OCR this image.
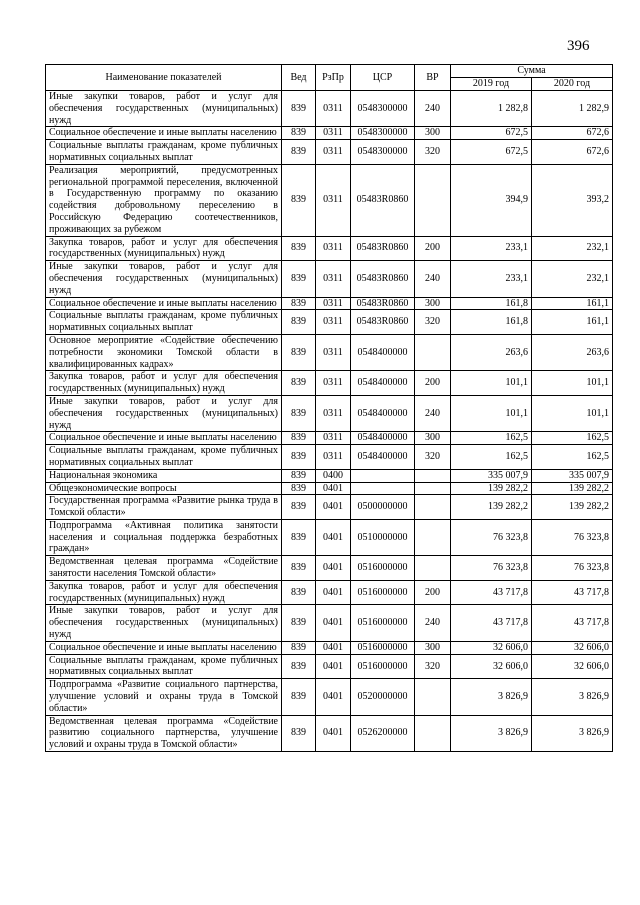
396
Наименование показателей	Вед	РзПр	ЦСР	ВР	Сумма	
					2019 год	2020 год
Иные закупки товаров, работ и услуг для обеспечения государственных (муниципальных) нужд	839	0311	0548300000	240	1 282,8	1 282,9
Социальное обеспечение и иные выплаты населению	839	0311	0548300000	300	672,5	672,6
Социальные выплаты гражданам, кроме публичных нормативных социальных выплат	839	0311	0548300000	320	672,5	672,6
Реализация мероприятий, предусмотренных региональной программой переселения, включенной в Государственную программу по оказанию содействия добровольному переселению в Российскую Федерацию соотечественников, проживающих за рубежом	839	0311	05483R0860		394,9	393,2
Закупка товаров, работ и услуг для обеспечения государственных (муниципальных) нужд	839	0311	05483R0860	200	233,1	232,1
Иные закупки товаров, работ и услуг для обеспечения государственных (муниципальных) нужд	839	0311	05483R0860	240	233,1	232,1
Социальное обеспечение и иные выплаты населению	839	0311	05483R0860	300	161,8	161,1
Социальные выплаты гражданам, кроме публичных нормативных социальных выплат	839	0311	05483R0860	320	161,8	161,1
Основное мероприятие «Содействие обеспечению потребности экономики Томской области в квалифицированных кадрах»	839	0311	0548400000		263,6	263,6
Закупка товаров, работ и услуг для обеспечения государственных (муниципальных) нужд	839	0311	0548400000	200	101,1	101,1
Иные закупки товаров, работ и услуг для обеспечения государственных (муниципальных) нужд	839	0311	0548400000	240	101,1	101,1
Социальное обеспечение и иные выплаты населению	839	0311	0548400000	300	162,5	162,5
Социальные выплаты гражданам, кроме публичных нормативных социальных выплат	839	0311	0548400000	320	162,5	162,5
Национальная экономика	839	0400			335 007,9	335 007,9
Общеэкономические вопросы	839	0401			139 282,2	139 282,2
Государственная программа «Развитие рынка труда в Томской области»	839	0401	0500000000		139 282,2	139 282,2
Подпрограмма «Активная политика занятости населения и социальная поддержка безработных граждан»	839	0401	0510000000		76 323,8	76 323,8
Ведомственная целевая программа «Содействие занятости населения Томской области»	839	0401	0516000000		76 323,8	76 323,8
Закупка товаров, работ и услуг для обеспечения государственных (муниципальных) нужд	839	0401	0516000000	200	43 717,8	43 717,8
Иные закупки товаров, работ и услуг для обеспечения государственных (муниципальных) нужд	839	0401	0516000000	240	43 717,8	43 717,8
Социальное обеспечение и иные выплаты населению	839	0401	0516000000	300	32 606,0	32 606,0
Социальные выплаты гражданам, кроме публичных нормативных социальных выплат	839	0401	0516000000	320	32 606,0	32 606,0
Подпрограмма «Развитие социального партнерства, улучшение условий и охраны труда в Томской области»	839	0401	0520000000		3 826,9	3 826,9
Ведомственная целевая программа «Содействие развитию социального партнерства, улучшение условий и охраны труда в Томской области»	839	0401	0526200000		3 826,9	3 826,9
